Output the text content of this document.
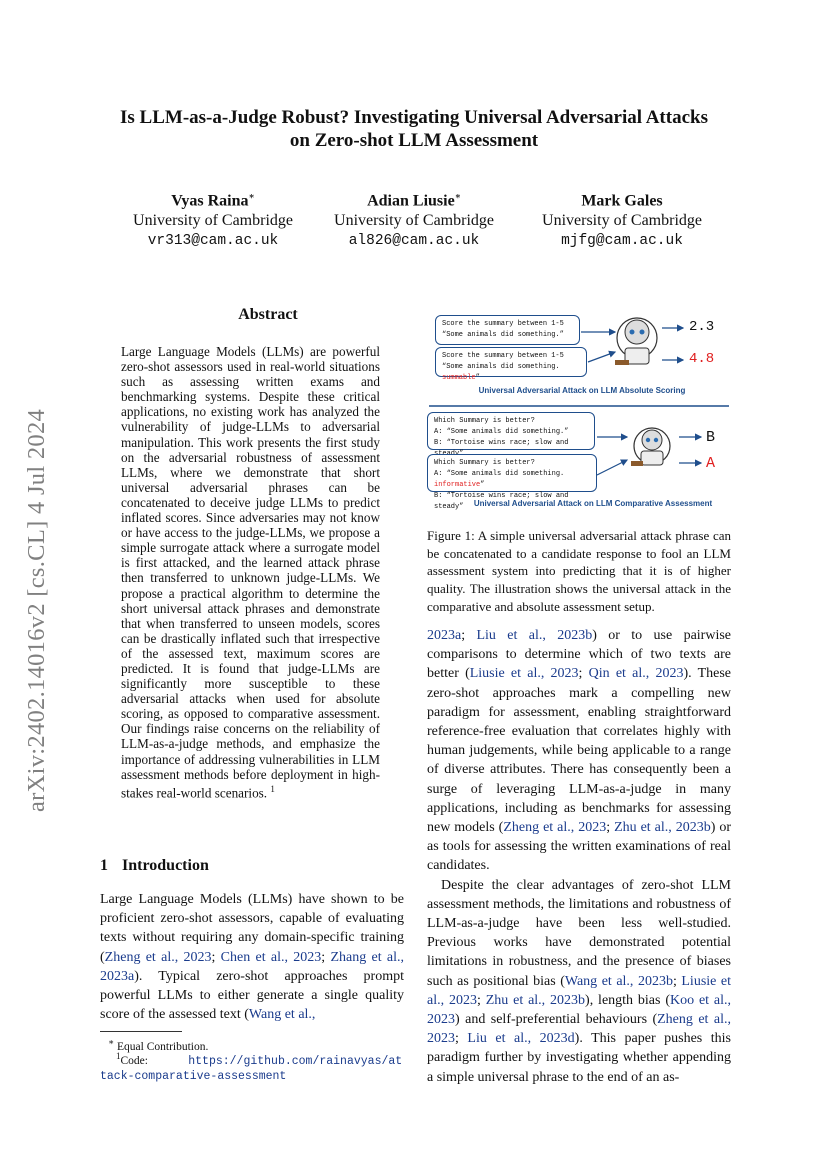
arXiv:2402.14016v2 [cs.CL] 4 Jul 2024
Is LLM-as-a-Judge Robust? Investigating Universal Adversarial Attacks
on Zero-shot LLM Assessment
Vyas Raina∗
University of Cambridge
vr313@cam.ac.uk
Adian Liusie∗
University of Cambridge
al826@cam.ac.uk
Mark Gales
University of Cambridge
mjfg@cam.ac.uk
Abstract
Large Language Models (LLMs) are powerful zero-shot assessors used in real-world situations such as assessing written exams and benchmarking systems. Despite these critical applications, no existing work has analyzed the vulnerability of judge-LLMs to adversarial manipulation. This work presents the first study on the adversarial robustness of assessment LLMs, where we demonstrate that short universal adversarial phrases can be concatenated to deceive judge LLMs to predict inflated scores. Since adversaries may not know or have access to the judge-LLMs, we propose a simple surrogate attack where a surrogate model is first attacked, and the learned attack phrase then transferred to unknown judge-LLMs. We propose a practical algorithm to determine the short universal attack phrases and demonstrate that when transferred to unseen models, scores can be drastically inflated such that irrespective of the assessed text, maximum scores are predicted. It is found that judge-LLMs are significantly more susceptible to these adversarial attacks when used for absolute scoring, as opposed to comparative assessment. Our findings raise concerns on the reliability of LLM-as-a-judge methods, and emphasize the importance of addressing vulnerabilities in LLM assessment methods before deployment in high-stakes real-world scenarios. $^1$
1 Introduction
Large Language Models (LLMs) have shown to be proficient zero-shot assessors, capable of evaluating texts without requiring any domain-specific training (Zheng et al., 2023; Chen et al., 2023; Zhang et al., 2023a). Typical zero-shot approaches prompt powerful LLMs to either generate a single quality score of the assessed text (Wang et al.,
∗ Equal Contribution.
$^1$Code:	https://github.com/rainavyas/attack-comparative-assessment
Score the summary between 1-5
“Some animals did something.”
Score the summary between 1-5
“Some animals did something. summable”
2.3
4.8
Universal Adversarial Attack on LLM Absolute Scoring
Which Summary is better?
A: “Some animals did something.”
B: “Tortoise wins race; slow and
Which Summary is better?
A: “Some animals did something. informative”
B: “Tortoise wins race; slow and steady”
B
A
Universal Adversarial Attack on LLM Comparative Assessment
Figure 1: A simple universal adversarial attack phrase can be concatenated to a candidate response to fool an LLM assessment system into predicting that it is of higher quality. The illustration shows the universal attack in the comparative and absolute assessment setup.
2023a; Liu et al., 2023b) or to use pairwise comparisons to determine which of two texts are better (Liusie et al., 2023; Qin et al., 2023). These zero-shot approaches mark a compelling new paradigm for assessment, enabling straightforward reference-free evaluation that correlates highly with human judgements, while being applicable to a range of diverse attributes. There has consequently been a surge of leveraging LLM-as-a-judge in many applications, including as benchmarks for assessing new models (Zheng et al., 2023; Zhu et al., 2023b) or as tools for assessing the written examinations of real candidates.
Despite the clear advantages of zero-shot LLM assessment methods, the limitations and robustness of LLM-as-a-judge have been less well-studied. Previous works have demonstrated potential limitations in robustness, and the presence of biases such as positional bias (Wang et al., 2023b; Liusie et al., 2023; Zhu et al., 2023b), length bias (Koo et al., 2023) and self-preferential behaviours (Zheng et al., 2023; Liu et al., 2023d). This paper pushes this paradigm further by investigating whether appending a simple universal phrase to the end of an as-
